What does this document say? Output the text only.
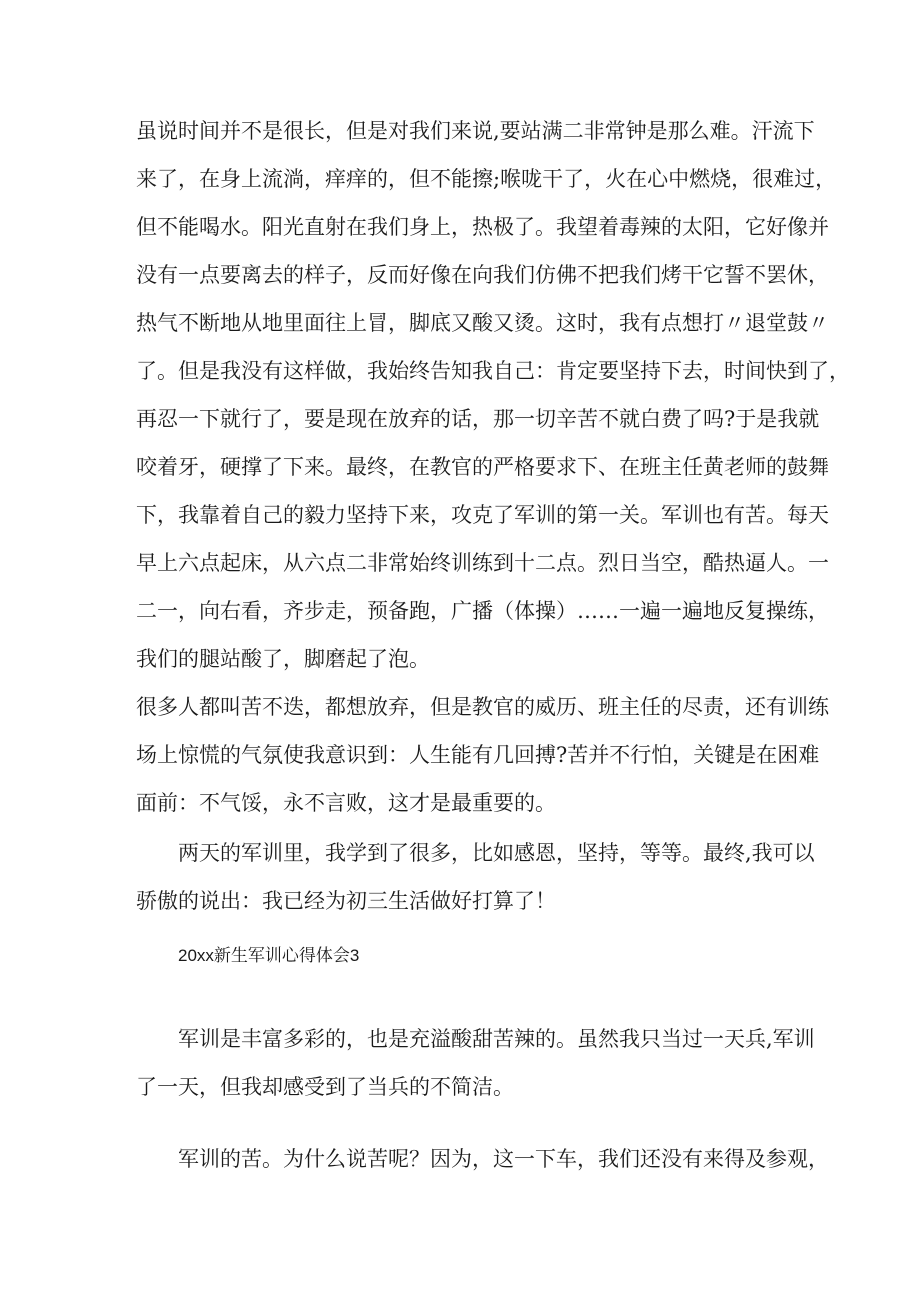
虽说时间并不是很长，但是对我们来说,要站满二非常钟是那么难。汗流下
来了，在身上流淌，痒痒的，但不能擦;喉咙干了，火在心中燃烧，很难过，
但不能喝水。阳光直射在我们身上，热极了。我望着毒辣的太阳，它好像并
没有一点要离去的样子，反而好像在向我们仿佛不把我们烤干它誓不罢休，
热气不断地从地里面往上冒，脚底又酸又烫。这时，我有点想打〃退堂鼓〃
了。但是我没有这样做，我始终告知我自己：肯定要坚持下去，时间快到了，
再忍一下就行了，要是现在放弃的话，那一切辛苦不就白费了吗?于是我就
咬着牙，硬撑了下来。最终，在教官的严格要求下、在班主任黄老师的鼓舞
下，我靠着自己的毅力坚持下来，攻克了军训的第一关。军训也有苦。每天
早上六点起床，从六点二非常始终训练到十二点。烈日当空，酷热逼人。一
二一，向右看，齐步走，预备跑，广播（体操）……一遍一遍地反复操练，
我们的腿站酸了，脚磨起了泡。
很多人都叫苦不迭，都想放弃，但是教官的威历、班主任的尽责，还有训练
场上惊慌的气氛使我意识到：人生能有几回搏?苦并不行怕，关键是在困难
面前：不气馁，永不言败，这才是最重要的。
两天的军训里，我学到了很多，比如感恩，坚持，等等。最终,我可以
骄傲的说出：我已经为初三生活做好打算了！
20xx新生军训心得体会3
军训是丰富多彩的，也是充溢酸甜苦辣的。虽然我只当过一天兵,军训
了一天，但我却感受到了当兵的不简洁。
军训的苦。为什么说苦呢？因为，这一下车，我们还没有来得及参观，
